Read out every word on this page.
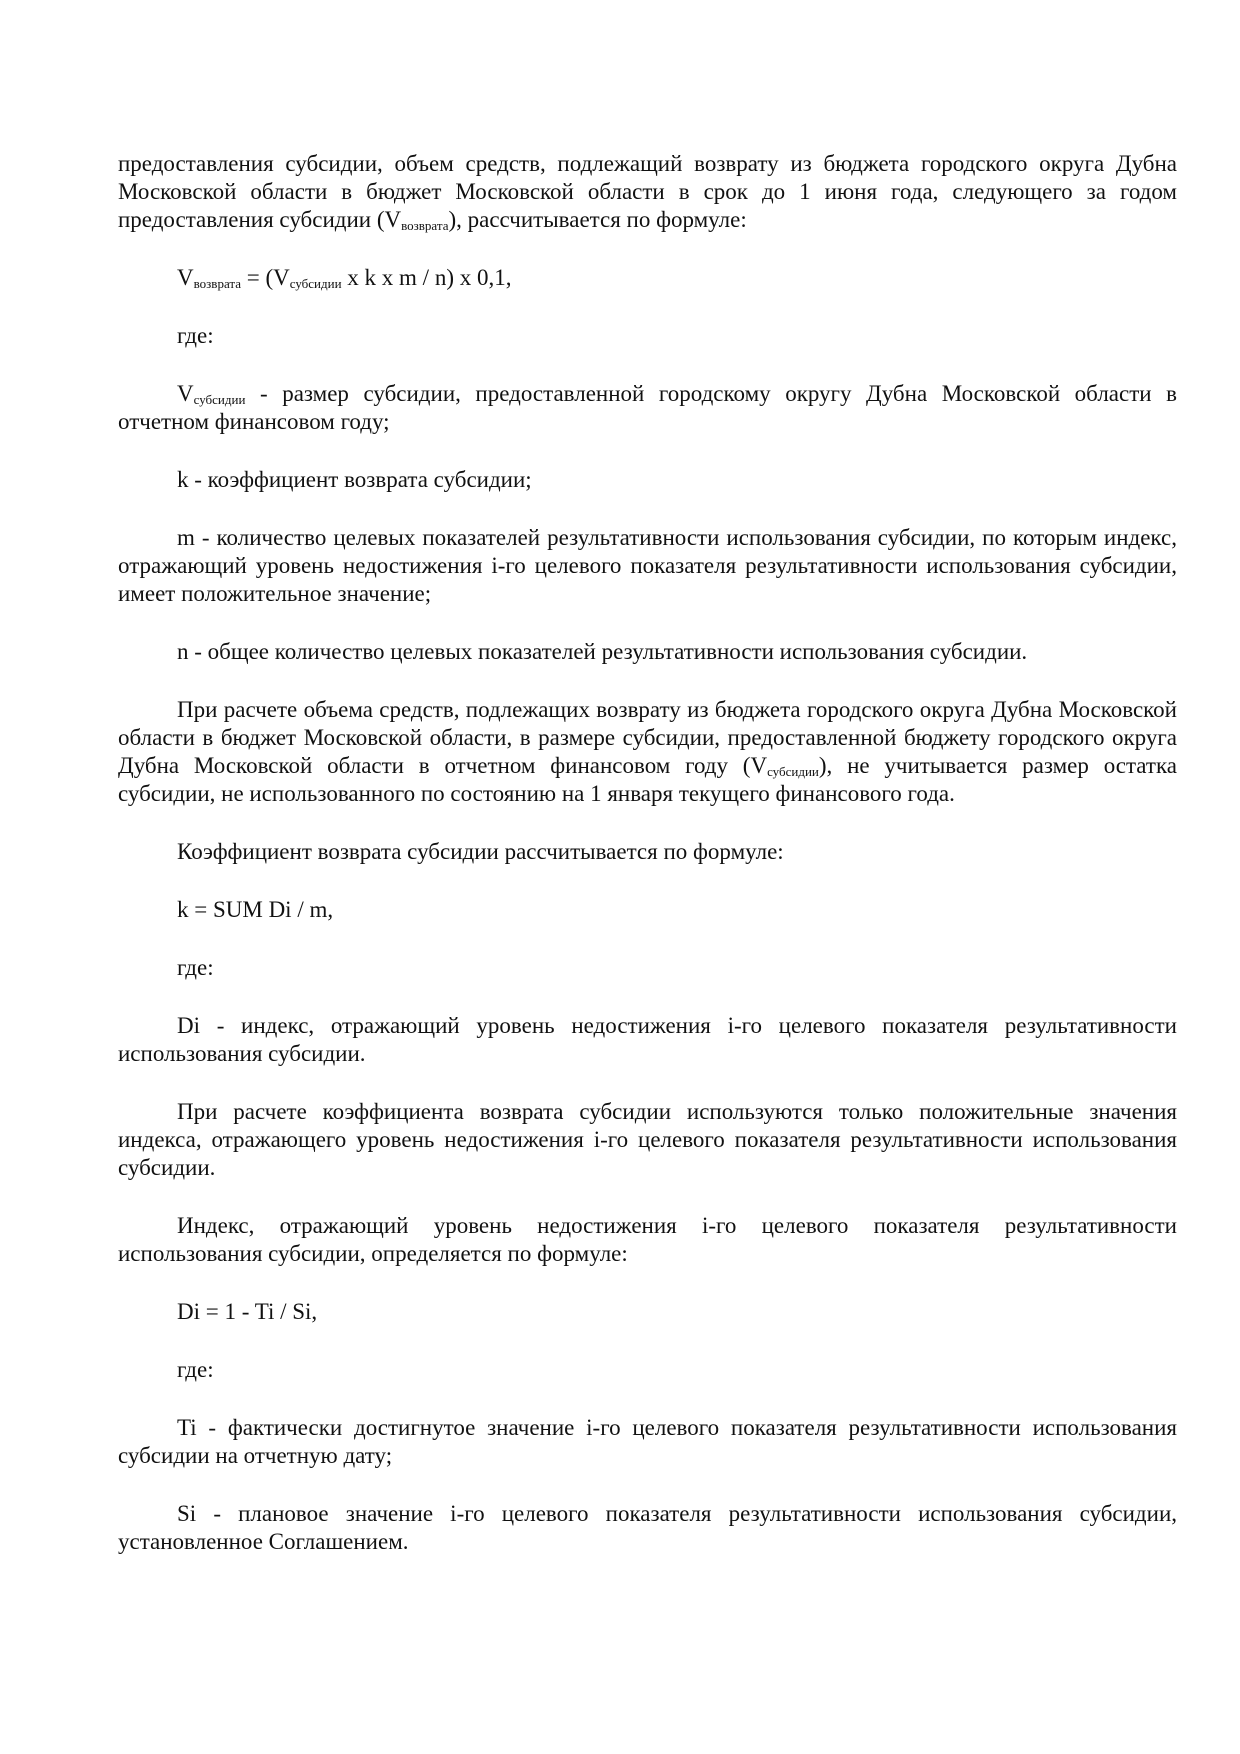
предоставления субсидии, объем средств, подлежащий возврату из бюджета городского округа Дубна Московской области в бюджет Московской области в срок до 1 июня года, следующего за годом предоставления субсидии $(V_{возврата})$, рассчитывается по формуле:

$V_{возврата} = (V_{субсидии}$ x k x m / n) x 0,1,

где:

$V_{субсидии}$ - размер субсидии, предоставленной городскому округу Дубна Московской области в отчетном финансовом году;

k - коэффициент возврата субсидии;

m - количество целевых показателей результативности использования субсидии, по которым индекс, отражающий уровень недостижения i-го целевого показателя результативности использования субсидии, имеет положительное значение;

n - общее количество целевых показателей результативности использования субсидии.

При расчете объема средств, подлежащих возврату из бюджета городского округа Дубна Московской области в бюджет Московской области, в размере субсидии, предоставленной бюджету городского округа Дубна Московской области в отчетном финансовом году $(V_{субсидии})$, не учитывается размер остатка субсидии, не использованного по состоянию на 1 января текущего финансового года.

Коэффициент возврата субсидии рассчитывается по формуле:

k = SUM Di / m,

где:

Di - индекс, отражающий уровень недостижения i-го целевого показателя результативности использования субсидии.

При расчете коэффициента возврата субсидии используются только положительные значения индекса, отражающего уровень недостижения i-го целевого показателя результативности использования субсидии.

Индекс, отражающий уровень недостижения i-го целевого показателя результативности использования субсидии, определяется по формуле:

Di = 1 - Ti / Si,

где:

Ti - фактически достигнутое значение i-го целевого показателя результативности использования субсидии на отчетную дату;

Si - плановое значение i-го целевого показателя результативности использования субсидии, установленное Соглашением.
